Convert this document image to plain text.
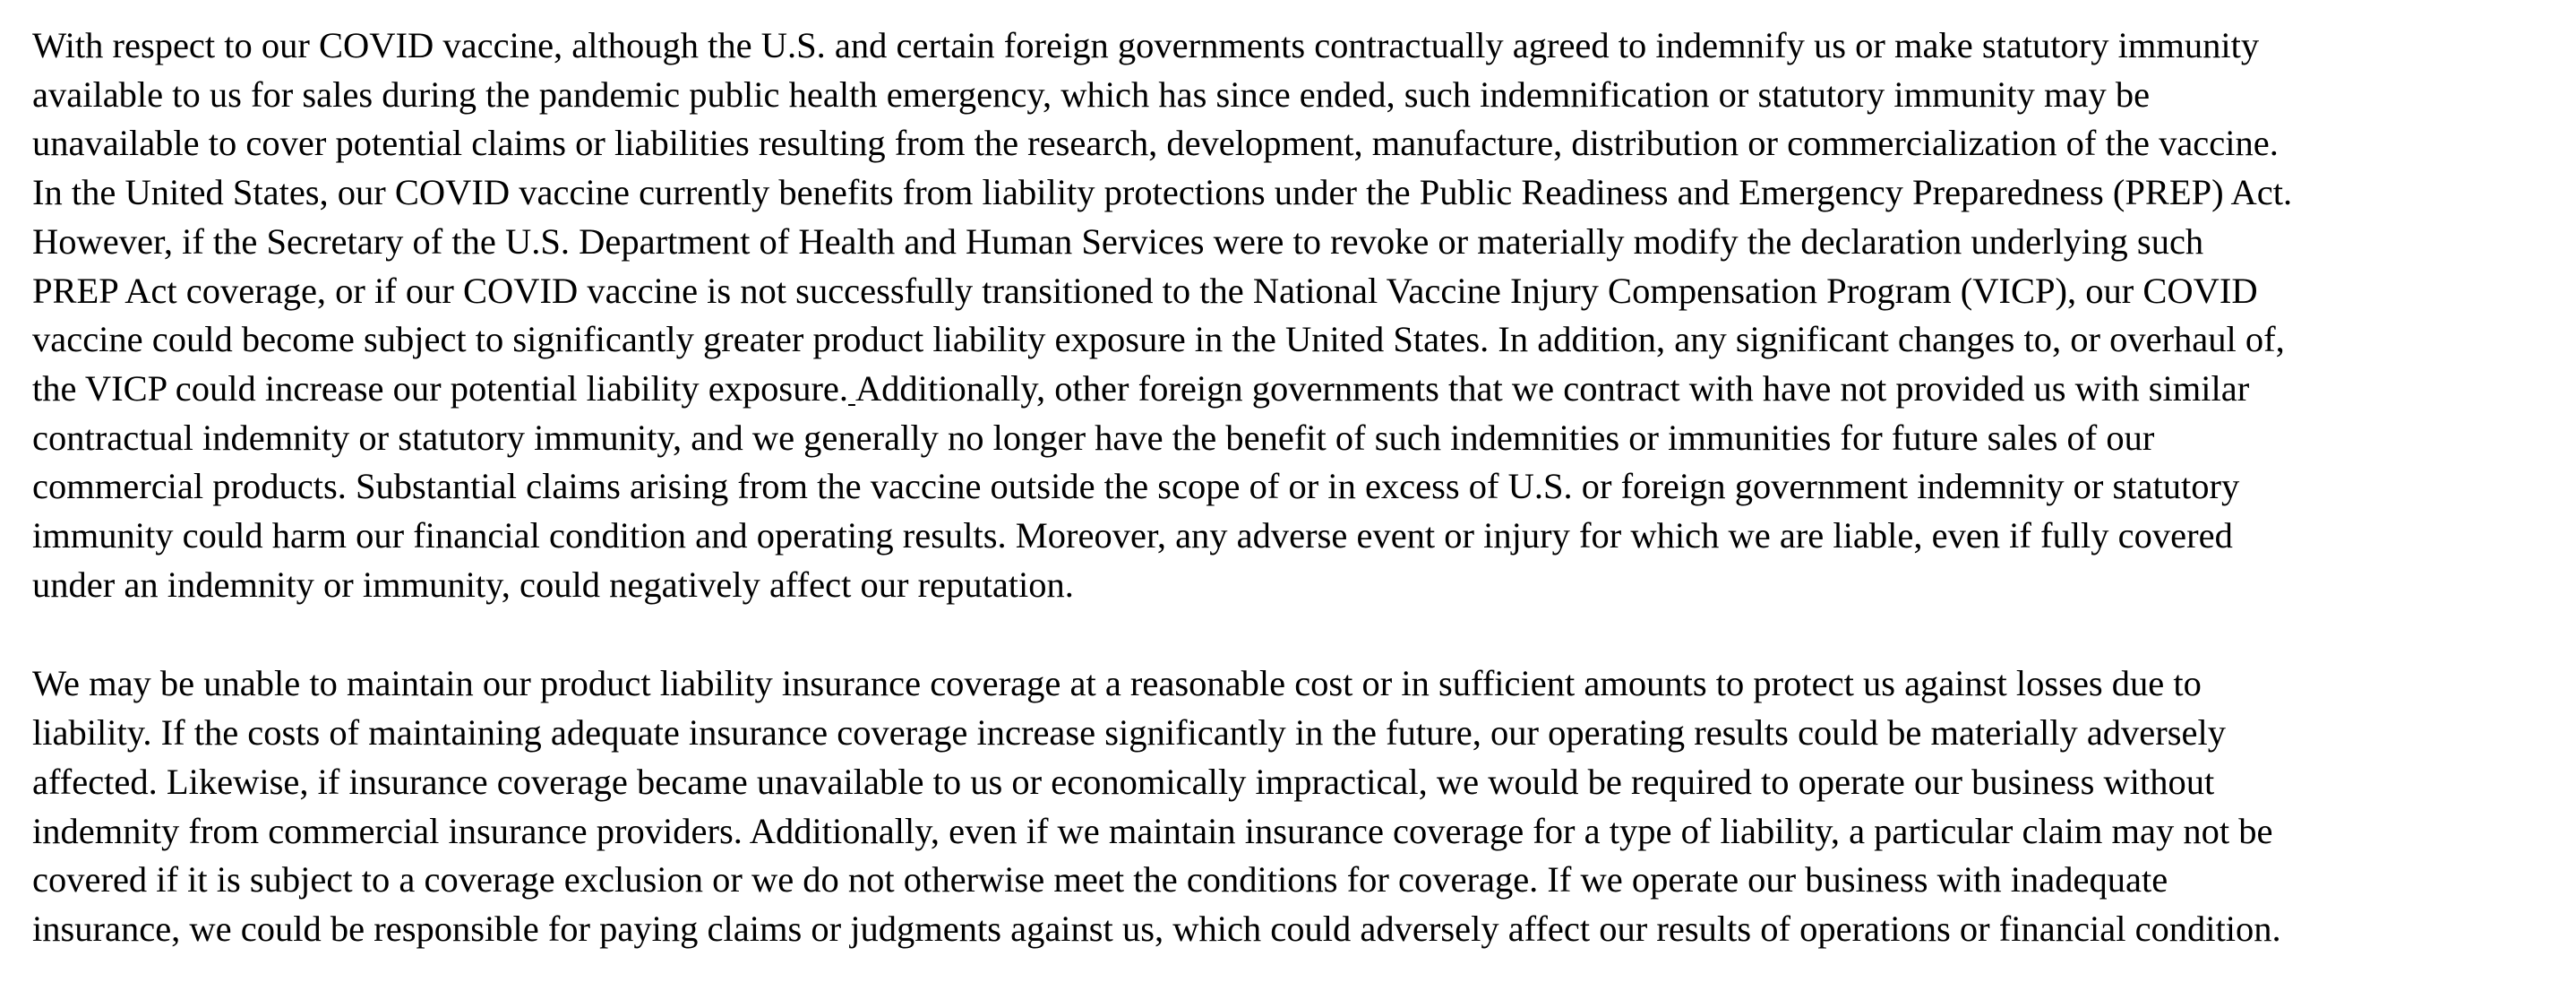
With respect to our COVID vaccine, although the U.S. and certain foreign governments contractually agreed to indemnify us or make statutory immunity
available to us for sales during the pandemic public health emergency, which has since ended, such indemnification or statutory immunity may be
unavailable to cover potential claims or liabilities resulting from the research, development, manufacture, distribution or commercialization of the vaccine.
In the United States, our COVID vaccine currently benefits from liability protections under the Public Readiness and Emergency Preparedness (PREP) Act.
However, if the Secretary of the U.S. Department of Health and Human Services were to revoke or materially modify the declaration underlying such
PREP Act coverage, or if our COVID vaccine is not successfully transitioned to the National Vaccine Injury Compensation Program (VICP), our COVID
vaccine could become subject to significantly greater product liability exposure in the United States. In addition, any significant changes to, or overhaul of,
the VICP could increase our potential liability exposure. Additionally, other foreign governments that we contract with have not provided us with similar
contractual indemnity or statutory immunity, and we generally no longer have the benefit of such indemnities or immunities for future sales of our
commercial products. Substantial claims arising from the vaccine outside the scope of or in excess of U.S. or foreign government indemnity or statutory
immunity could harm our financial condition and operating results. Moreover, any adverse event or injury for which we are liable, even if fully covered
under an indemnity or immunity, could negatively affect our reputation.

We may be unable to maintain our product liability insurance coverage at a reasonable cost or in sufficient amounts to protect us against losses due to
liability. If the costs of maintaining adequate insurance coverage increase significantly in the future, our operating results could be materially adversely
affected. Likewise, if insurance coverage became unavailable to us or economically impractical, we would be required to operate our business without
indemnity from commercial insurance providers. Additionally, even if we maintain insurance coverage for a type of liability, a particular claim may not be
covered if it is subject to a coverage exclusion or we do not otherwise meet the conditions for coverage. If we operate our business with inadequate
insurance, we could be responsible for paying claims or judgments against us, which could adversely affect our results of operations or financial condition.
